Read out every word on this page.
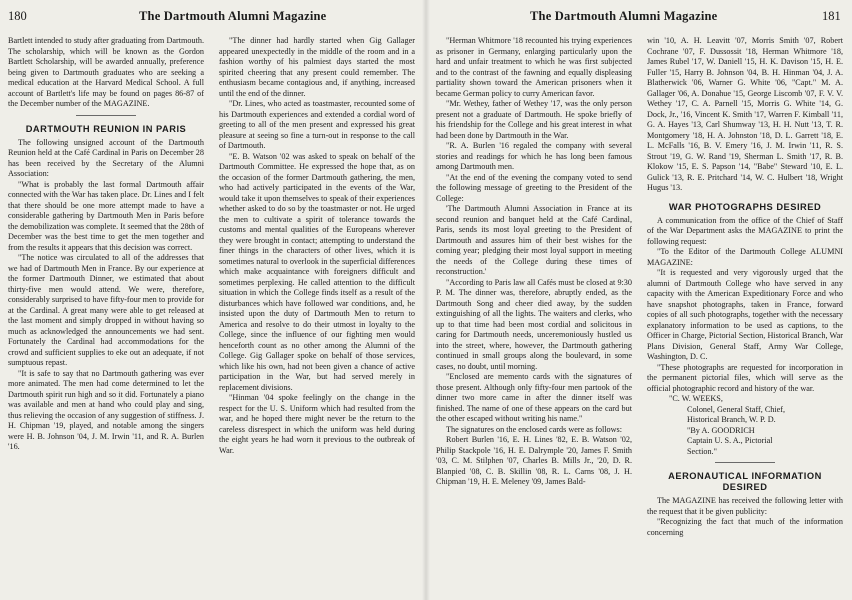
180	The Dartmouth Alumni Magazine

Bartlett intended to study after graduating from Dartmouth. The scholarship, which will be known as the Gordon Bartlett Scholarship, will be awarded annually, preference being given to Dartmouth graduates who are seeking a medical education at the Harvard Medical School. A full account of Bartlett's life may be found on pages 86-87 of the December number of the MAGAZINE.

DARTMOUTH REUNION IN PARIS

The following unsigned account of the Dartmouth Reunion held at the Café Cardinal in Paris on December 28 has been received by the Secretary of the Alumni Association:

"What is probably the last formal Dartmouth affair connected with the War has taken place. Dr. Lines and I felt that there should be one more attempt made to have a considerable gathering by Dartmouth Men in Paris before the demobilization was complete. It seemed that the 28th of December was the best time to get the men together and from the results it appears that this decision was correct.

"The notice was circulated to all of the addresses that we had of Dartmouth Men in France. By our experience at the former Dartmouth Dinner, we estimated that about thirty-five men would attend. We were, therefore, considerably surprised to have fifty-four men to provide for at the Cardinal. A great many were able to get released at the last moment and simply dropped in without having so much as acknowledged the announcements we had sent. Fortunately the Cardinal had accommodations for the crowd and sufficient supplies to eke out an adequate, if not sumptuous repast.

"It is safe to say that no Dartmouth gathering was ever more animated. The men had come determined to let the Dartmouth spirit run high and so it did. Fortunately a piano was available and men at hand who could play and sing, thus relieving the occasion of any suggestion of stiffness. J. H. Chipman '19, played, and notable among the singers were H. B. Johnson '04, J. M. Irwin '11, and R. A. Burlen '16.

"The dinner had hardly started when Gig Gallager appeared unexpectedly in the middle of the room and in a fashion worthy of his palmiest days started the most spirited cheering that any present could remember. The enthusiasm became contagious and, if anything, increased until the end of the dinner.

"Dr. Lines, who acted as toastmaster, recounted some of his Dartmouth experiences and extended a cordial word of greeting to all of the men present and expressed his great pleasure at seeing so fine a turn-out in response to the call of Dartmouth.

"E. B. Watson '02 was asked to speak on behalf of the Dartmouth Committee. He expressed the hope that, as on the occasion of the former Dartmouth gathering, the men, who had actively participated in the events of the War, would take it upon themselves to speak of their experiences whether asked to do so by the toastmaster or not. He urged the men to cultivate a spirit of tolerance towards the customs and mental qualities of the Europeans wherever they were brought in contact; attempting to understand the finer things in the characters of other lives, which it is sometimes natural to overlook in the superficial differences which make acquaintance with foreigners difficult and sometimes perplexing. He called attention to the difficult situation in which the College finds itself as a result of the disturbances which have followed war conditions, and, he insisted upon the duty of Dartmouth Men to return to America and resolve to do their utmost in loyalty to the College, since the influence of our fighting men would henceforth count as no other among the Alumni of the College. Gig Gallager spoke on behalf of those services, which like his own, had not been given a chance of active participation in the War, but had served merely in replacement divisions.

"Hinman '04 spoke feelingly on the change in the respect for the U. S. Uniform which had resulted from the war, and he hoped there might never be the return to the careless disrespect in which the uniform was held during the eight years he had worn it previous to the outbreak of War.

The Dartmouth Alumni Magazine	181

"Herman Whitmore '18 recounted his trying experiences as prisoner in Germany, enlarging particularly upon the hard and unfair treatment to which he was first subjected and to the contrast of the fawning and equally displeasing partiality shown toward the American prisoners when it became German policy to curry American favor.

"Mr. Wethey, father of Wethey '17, was the only person present not a graduate of Dartmouth. He spoke briefly of his friendship for the College and his great interest in what had been done by Dartmouth in the War.

"R. A. Burlen '16 regaled the company with several stories and readings for which he has long been famous among Dartmouth men.

"At the end of the evening the company voted to send the following message of greeting to the President of the College:

'The Dartmouth Alumni Association in France at its second reunion and banquet held at the Café Cardinal, Paris, sends its most loyal greeting to the President of Dartmouth and assures him of their best wishes for the coming year; pledging their most loyal support in meeting the needs of the College during these times of reconstruction.'

"According to Paris law all Cafés must be closed at 9:30 P. M. The dinner was, therefore, abruptly ended, as the Dartmouth Song and cheer died away, by the sudden extinguishing of all the lights. The waiters and clerks, who up to that time had been most cordial and solicitous in caring for Dartmouth needs, unceremoniously hustled us into the street, where, however, the Dartmouth gathering continued in small groups along the boulevard, in some cases, no doubt, until morning.

"Enclosed are memento cards with the signatures of those present. Although only fifty-four men partook of the dinner two more came in after the dinner itself was finished. The name of one of these appears on the card but the other escaped without writing his name."

The signatures on the enclosed cards were as follows:

Robert Burlen '16, E. H. Lines '82, E. B. Watson '02, Philip Stackpole '16, H. E. Dalrymple '20, James F. Smith '03, C. M. Stilphen '07, Charles B. Mills Jr., '20, D. R. Blanpied '08, C. B. Skillin '08, R. L. Carns '08, J. H. Chipman '19, H. E. Meleney '09, James Bald-

win '10, A. H. Leavitt '07, Morris Smith '07, Robert Cochrane '07, F. Dussossit '18, Herman Whitmore '18, James Rubel '17, W. Daniell '15, H. K. Davison '15, H. E. Fuller '15, Harry B. Johnson '04, B. H. Hinman '04, J. A. Blatherwick '06, Warner G. White '06, "Capt." M. A. Gallager '06, A. Donahue '15, George Liscomb '07, F. V. V. Wethey '17, C. A. Parnell '15, Morris G. White '14, G. Dock, Jr., '16, Vincent K. Smith '17, Warren F. Kimball '11, G. A. Hayes '13, Carl Shumway '13, H. H. Nutt '13, T. R. Montgomery '18, H. A. Johnston '18, D. L. Garrett '18, E. L. McFalls '16, B. V. Emery '16, J. M. Irwin '11, R. S. Strout '19, G. W. Rand '19, Sherman L. Smith '17, R. B. Klokow '15, E. S. Papson '14, "Babe" Steward '10, E. L. Gulick '13, R. E. Pritchard '14, W. C. Hulbert '18, Wright Hugus '13.

WAR PHOTOGRAPHS DESIRED

A communication from the office of the Chief of Staff of the War Department asks the MAGAZINE to print the following request:

"To the Editor of the Dartmouth College ALUMNI MAGAZINE:

"It is requested and very vigorously urged that the alumni of Dartmouth College who have served in any capacity with the American Expeditionary Force and who have snapshot photographs, taken in France, forward copies of all such photographs, together with the necessary explanatory information to be used as captions, to the Officer in Charge, Pictorial Section, Historical Branch, War Plans Division, General Staff, Army War College, Washington, D. C.

"These photographs are requested for incorporation in the permanent pictorial files, which will serve as the official photographic record and history of the war.

"C. W. WEEKS,

Colonel, General Staff, Chief,

Historical Branch, W. P. D.

"By A. GOODRICH

Captain U. S. A., Pictorial

Section."

AERONAUTICAL INFORMATION DESIRED

The MAGAZINE has received the following letter with the request that it be given publicity:

"Recognizing the fact that much of the information concerning
